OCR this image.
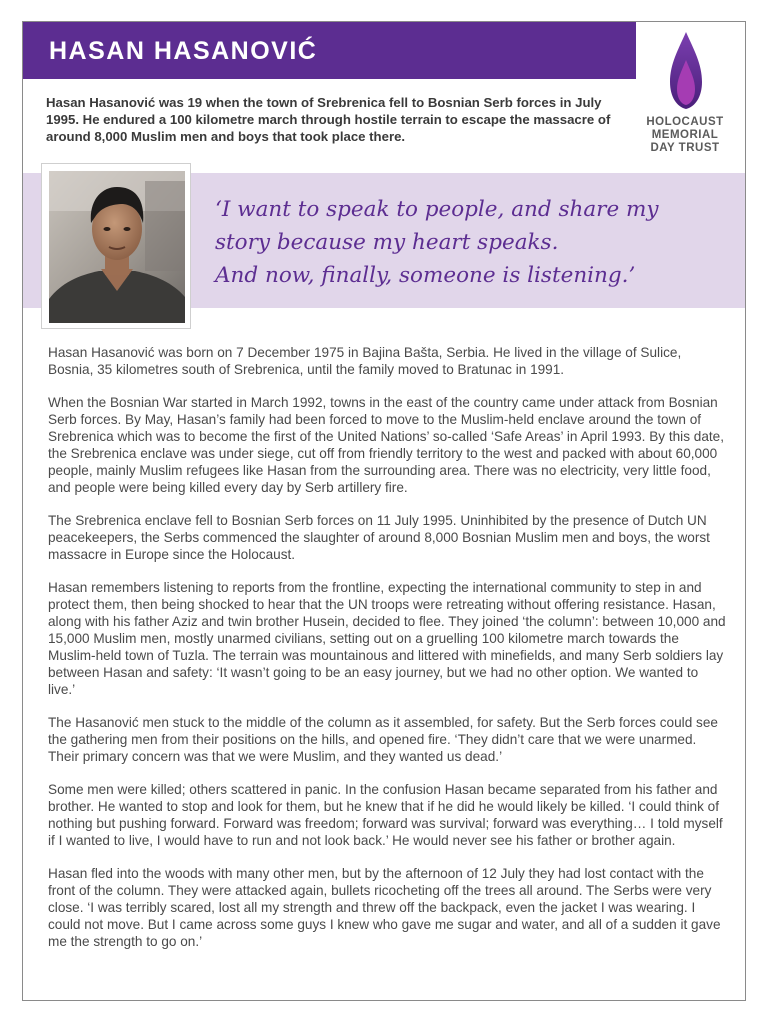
HASAN HASANOVIĆ
HOLOCAUST
MEMORIAL
DAY TRUST

Hasan Hasanović was 19 when the town of Srebrenica fell to Bosnian Serb forces in July 1995. He endured a 100 kilometre march through hostile terrain to escape the massacre of around 8,000 Muslim men and boys that took place there.

‘I want to speak to people, and share my
story because my heart speaks.
And now, finally, someone is listening.’

Hasan Hasanović was born on 7 December 1975 in Bajina Bašta, Serbia. He lived in the village of Sulice, Bosnia, 35 kilometres south of Srebrenica, until the family moved to Bratunac in 1991.

When the Bosnian War started in March 1992, towns in the east of the country came under attack from Bosnian Serb forces. By May, Hasan’s family had been forced to move to the Muslim-held enclave around the town of Srebrenica which was to become the first of the United Nations’ so-called ‘Safe Areas’ in April 1993. By this date, the Srebrenica enclave was under siege, cut off from friendly territory to the west and packed with about 60,000 people, mainly Muslim refugees like Hasan from the surrounding area. There was no electricity, very little food, and people were being killed every day by Serb artillery fire.

The Srebrenica enclave fell to Bosnian Serb forces on 11 July 1995. Uninhibited by the presence of Dutch UN peacekeepers, the Serbs commenced the slaughter of around 8,000 Bosnian Muslim men and boys, the worst massacre in Europe since the Holocaust.

Hasan remembers listening to reports from the frontline, expecting the international community to step in and protect them, then being shocked to hear that the UN troops were retreating without offering resistance. Hasan, along with his father Aziz and twin brother Husein, decided to flee. They joined ‘the column’: between 10,000 and 15,000 Muslim men, mostly unarmed civilians, setting out on a gruelling 100 kilometre march towards the Muslim-held town of Tuzla. The terrain was mountainous and littered with minefields, and many Serb soldiers lay between Hasan and safety: ‘It wasn’t going to be an easy journey, but we had no other option. We wanted to live.’

The Hasanović men stuck to the middle of the column as it assembled, for safety. But the Serb forces could see the gathering men from their positions on the hills, and opened fire. ‘They didn’t care that we were unarmed. Their primary concern was that we were Muslim, and they wanted us dead.’

Some men were killed; others scattered in panic. In the confusion Hasan became separated from his father and brother. He wanted to stop and look for them, but he knew that if he did he would likely be killed. ‘I could think of nothing but pushing forward. Forward was freedom; forward was survival; forward was everything… I told myself if I wanted to live, I would have to run and not look back.’ He would never see his father or brother again.

Hasan fled into the woods with many other men, but by the afternoon of 12 July they had lost contact with the front of the column. They were attacked again, bullets ricocheting off the trees all around. The Serbs were very close. ‘I was terribly scared, lost all my strength and threw off the backpack, even the jacket I was wearing. I could not move. But I came across some guys I knew who gave me sugar and water, and all of a sudden it gave me the strength to go on.’
